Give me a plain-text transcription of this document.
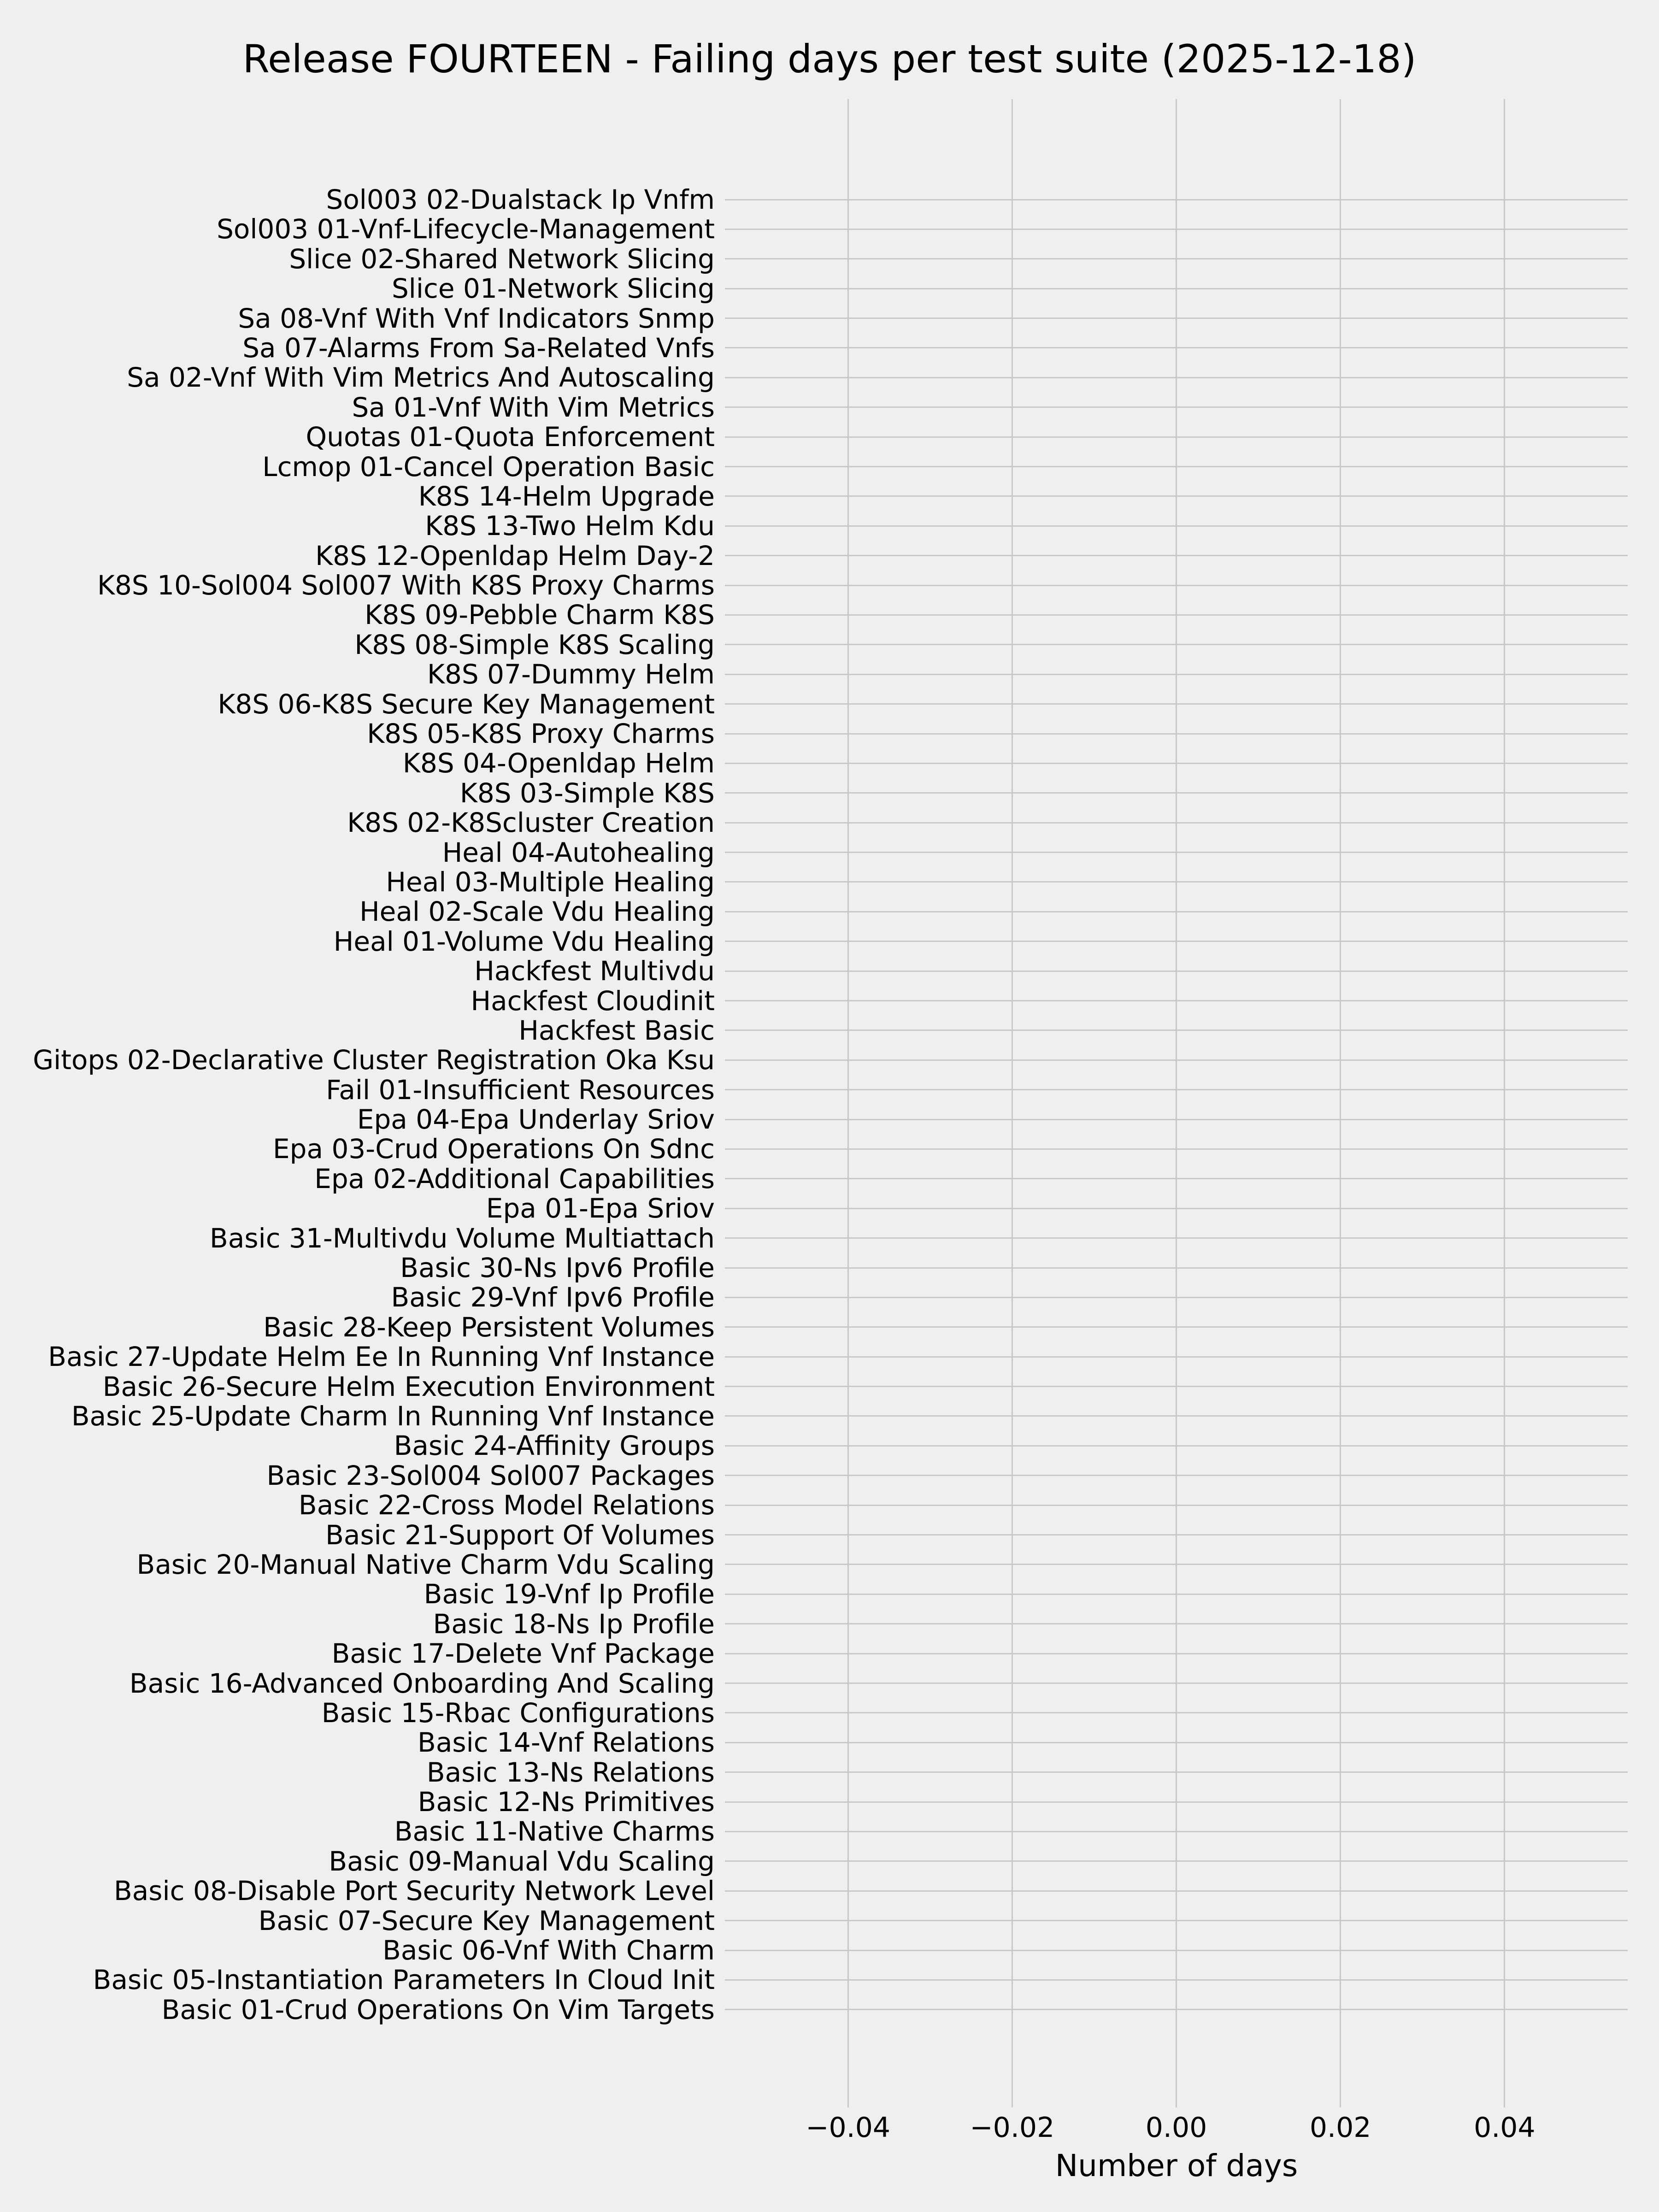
Release FOURTEEN - Failing days per test suite (2025-12-18)
Sol003 02-Dualstack Ip Vnfm
Sol003 01-Vnf-Lifecycle-Management
Slice 02-Shared Network Slicing
Slice 01-Network Slicing
Sa 08-Vnf With Vnf Indicators Snmp
Sa 07-Alarms From Sa-Related Vnfs
Sa 02-Vnf With Vim Metrics And Autoscaling
Sa 01-Vnf With Vim Metrics
Quotas 01-Quota Enforcement
Lcmop 01-Cancel Operation Basic
K8S 14-Helm Upgrade
K8S 13-Two Helm Kdu
K8S 12-Openldap Helm Day-2
K8S 10-Sol004 Sol007 With K8S Proxy Charms
K8S 09-Pebble Charm K8S
K8S 08-Simple K8S Scaling
K8S 07-Dummy Helm
K8S 06-K8S Secure Key Management
K8S 05-K8S Proxy Charms
K8S 04-Openldap Helm
K8S 03-Simple K8S
K8S 02-K8Scluster Creation
Heal 04-Autohealing
Heal 03-Multiple Healing
Heal 02-Scale Vdu Healing
Heal 01-Volume Vdu Healing
Hackfest Multivdu
Hackfest Cloudinit
Hackfest Basic
Gitops 02-Declarative Cluster Registration Oka Ksu
Fail 01-Insufficient Resources
Epa 04-Epa Underlay Sriov
Epa 03-Crud Operations On Sdnc
Epa 02-Additional Capabilities
Epa 01-Epa Sriov
Basic 31-Multivdu Volume Multiattach
Basic 30-Ns Ipv6 Profile
Basic 29-Vnf Ipv6 Profile
Basic 28-Keep Persistent Volumes
Basic 27-Update Helm Ee In Running Vnf Instance
Basic 26-Secure Helm Execution Environment
Basic 25-Update Charm In Running Vnf Instance
Basic 24-Affinity Groups
Basic 23-Sol004 Sol007 Packages
Basic 22-Cross Model Relations
Basic 21-Support Of Volumes
Basic 20-Manual Native Charm Vdu Scaling
Basic 19-Vnf Ip Profile
Basic 18-Ns Ip Profile
Basic 17-Delete Vnf Package
Basic 16-Advanced Onboarding And Scaling
Basic 15-Rbac Configurations
Basic 14-Vnf Relations
Basic 13-Ns Relations
Basic 12-Ns Primitives
Basic 11-Native Charms
Basic 09-Manual Vdu Scaling
Basic 08-Disable Port Security Network Level
Basic 07-Secure Key Management
Basic 06-Vnf With Charm
Basic 05-Instantiation Parameters In Cloud Init
Basic 01-Crud Operations On Vim Targets
−0.04	−0.02	0.00	0.02	0.04
Number of days
